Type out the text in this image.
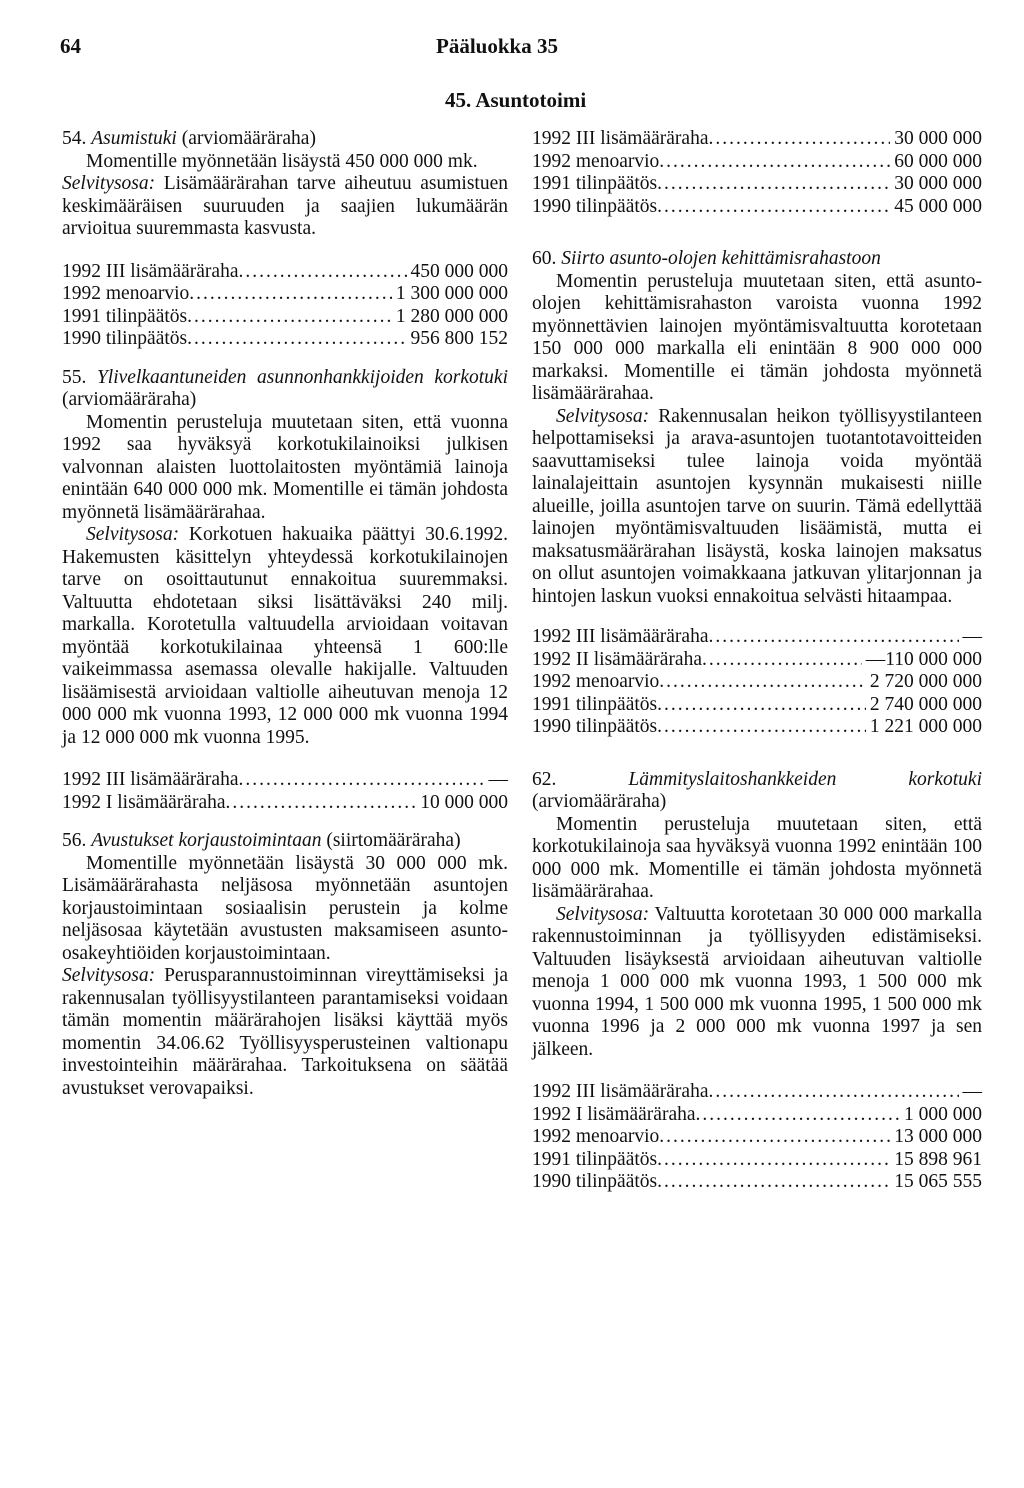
64	Pääluokka 35
45. Asuntotoimi

54. Asumistuki (arviomääräraha)

Momentille myönnetään lisäystä 450 000 000 mk.

Selvitysosa: Lisämäärärahan tarve aiheutuu asumistuen keskimääräisen suuruuden ja saajien lukumäärän arvioitua suuremmasta kasvusta.

1992 III lisämääräraha .....	450 000 000
1992 menoarvio .....	1 300 000 000
1991 tilinpäätös .....	1 280 000 000
1990 tilinpäätös .....	956 800 152

55. Ylivelkaantuneiden asunnonhankkijoiden korkotuki (arviomääräraha)

Momentin perusteluja muutetaan siten, että vuonna 1992 saa hyväksyä korkotukilainoiksi julkisen valvonnan alaisten luottolaitosten myöntämiä lainoja enintään 640 000 000 mk. Momentille ei tämän johdosta myönnetä lisämäärärahaa.

Selvitysosa: Korkotuen hakuaika päättyi 30.6.1992. Hakemusten käsittelyn yhteydessä korkotukilainojen tarve on osoittautunut ennakoitua suuremmaksi. Valtuutta ehdotetaan siksi lisättäväksi 240 milj. markalla. Korotetulla valtuudella arvioidaan voitavan myöntää korkotukilainaa yhteensä 1 600:lle vaikeimmassa asemassa olevalle hakijalle. Valtuuden lisäämisestä arvioidaan valtiolle aiheutuvan menoja 12 000 000 mk vuonna 1993, 12 000 000 mk vuonna 1994 ja 12 000 000 mk vuonna 1995.

1992 III lisämääräraha .....	—
1992 I lisämääräraha .....	10 000 000

56. Avustukset korjaustoimintaan (siirtomääräraha)

Momentille myönnetään lisäystä 30 000 000 mk. Lisämäärärahasta neljäsosa myönnetään asuntojen korjaustoimintaan sosiaalisin perustein ja kolme neljäsosaa käytetään avustusten maksamiseen asunto-osakeyhtiöiden korjaustoimintaan.

Selvitysosa: Perusparannustoiminnan vireyttämiseksi ja rakennusalan työllisyystilanteen parantamiseksi voidaan tämän momentin määrärahojen lisäksi käyttää myös momentin 34.06.62 Työllisyysperusteinen valtionapu investointeihin määrärahaa. Tarkoituksena on säätää avustukset verovapaiksi.

1992 III lisämääräraha .....	30 000 000
1992 menoarvio .....	60 000 000
1991 tilinpäätös .....	30 000 000
1990 tilinpäätös .....	45 000 000

60. Siirto asunto-olojen kehittämisrahastoon

Momentin perusteluja muutetaan siten, että asunto-olojen kehittämisrahaston varoista vuonna 1992 myönnettävien lainojen myöntämisvaltuutta korotetaan 150 000 000 markalla eli enintään 8 900 000 000 markaksi. Momentille ei tämän johdosta myönnetä lisämäärärahaa.

Selvitysosa: Rakennusalan heikon työllisyystilanteen helpottamiseksi ja arava-asuntojen tuotantotavoitteiden saavuttamiseksi tulee lainoja voida myöntää lainalajeittain asuntojen kysynnän mukaisesti niille alueille, joilla asuntojen tarve on suurin. Tämä edellyttää lainojen myöntämisvaltuuden lisäämistä, mutta ei maksatusmäärärahan lisäystä, koska lainojen maksatus on ollut asuntojen voimakkaana jatkuvan ylitarjonnan ja hintojen laskun vuoksi ennakoitua selvästi hitaampaa.

1992 III lisämääräraha .....	—
1992 II lisämääräraha .....	—110 000 000
1992 menoarvio .....	2 720 000 000
1991 tilinpäätös .....	2 740 000 000
1990 tilinpäätös .....	1 221 000 000

62.	Lämmityslaitoshankkeiden korkotuki (arviomääräraha)

Momentin perusteluja muutetaan siten, että korkotukilainoja saa hyväksyä vuonna 1992 enintään 100 000 000 mk. Momentille ei tämän johdosta myönnetä lisämäärärahaa.

Selvitysosa: Valtuutta korotetaan 30 000 000 markalla rakennustoiminnan ja työllisyyden edistämiseksi. Valtuuden lisäyksestä arvioidaan aiheutuvan valtiolle menoja 1 000 000 mk vuonna 1993, 1 500 000 mk vuonna 1994, 1 500 000 mk vuonna 1995, 1 500 000 mk vuonna 1996 ja 2 000 000 mk vuonna 1997 ja sen jälkeen.

1992 III lisämääräraha .....	—
1992 I lisämääräraha .....	1 000 000
1992 menoarvio .....	13 000 000
1991 tilinpäätös .....	15 898 961
1990 tilinpäätös .....	15 065 555
